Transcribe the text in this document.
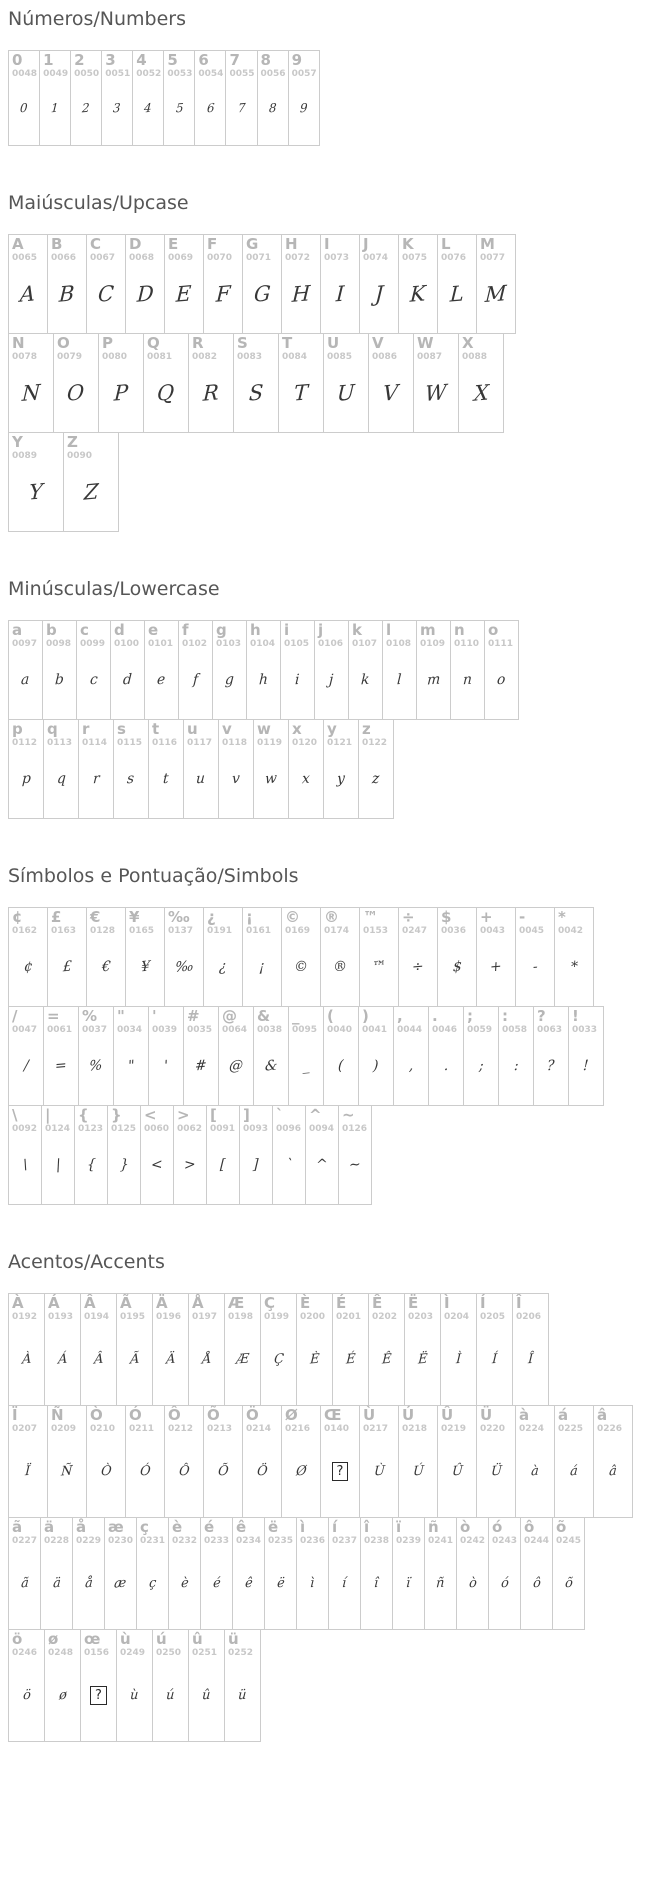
Números/Numbers
0
0048
0
1
0049
1
2
0050
2
3
0051
3
4
0052
4
5
0053
5
6
0054
6
7
0055
7
8
0056
8
9
0057
9
Maiúsculas/Upcase
A
0065
A
B
0066
B
C
0067
C
D
0068
D
E
0069
E
F
0070
F
G
0071
G
H
0072
H
I
0073
I
J
0074
J
K
0075
K
L
0076
L
M
0077
M
N
0078
N
O
0079
O
P
0080
P
Q
0081
Q
R
0082
R
S
0083
S
T
0084
T
U
0085
U
V
0086
V
W
0087
W
X
0088
X
Y
0089
Y
Z
0090
Z
Minúsculas/Lowercase
a
0097
a
b
0098
b
c
0099
c
d
0100
d
e
0101
e
f
0102
f
g
0103
g
h
0104
h
i
0105
i
j
0106
j
k
0107
k
l
0108
l
m
0109
m
n
0110
n
o
0111
o
p
0112
p
q
0113
q
r
0114
r
s
0115
s
t
0116
t
u
0117
u
v
0118
v
w
0119
w
x
0120
x
y
0121
y
z
0122
z
Símbolos e Pontuação/Simbols
¢
0162
¢
£
0163
£
€
0128
€
¥
0165
¥
‰
0137
‰
¿
0191
¿
¡
0161
¡
©
0169
©
®
0174
®
™
0153
™
÷
0247
÷
$
0036
$
+
0043
+
-
0045
-
*
0042
*
/
0047
/
=
0061
=
%
0037
%
"
0034
"
'
0039
'
#
0035
#
@
0064
@
&
0038
&
_
0095
_
(
0040
(
)
0041
)
,
0044
,
.
0046
.
;
0059
;
:
0058
:
?
0063
?
!
0033
!
\
0092
\
|
0124
|
{
0123
{
}
0125
}
<
0060
<
>
0062
>
[
0091
[
]
0093
]
`
0096
`
^
0094
^
~
0126
~
Acentos/Accents
À
0192
À
Á
0193
Á
Â
0194
Â
Ã
0195
Ã
Ä
0196
Ä
Å
0197
Å
Æ
0198
Æ
Ç
0199
Ç
È
0200
È
É
0201
É
Ê
0202
Ê
Ë
0203
Ë
Ì
0204
Ì
Í
0205
Í
Î
0206
Î
Ï
0207
Ï
Ñ
0209
Ñ
Ò
0210
Ò
Ó
0211
Ó
Ô
0212
Ô
Õ
0213
Õ
Ö
0214
Ö
Ø
0216
Ø
Œ
0140
?
Ù
0217
Ù
Ú
0218
Ú
Û
0219
Û
Ü
0220
Ü
à
0224
à
á
0225
á
â
0226
â
ã
0227
ã
ä
0228
ä
å
0229
å
æ
0230
æ
ç
0231
ç
è
0232
è
é
0233
é
ê
0234
ê
ë
0235
ë
ì
0236
ì
í
0237
í
î
0238
î
ï
0239
ï
ñ
0241
ñ
ò
0242
ò
ó
0243
ó
ô
0244
ô
õ
0245
õ
ö
0246
ö
ø
0248
ø
œ
0156
?
ù
0249
ù
ú
0250
ú
û
0251
û
ü
0252
ü
